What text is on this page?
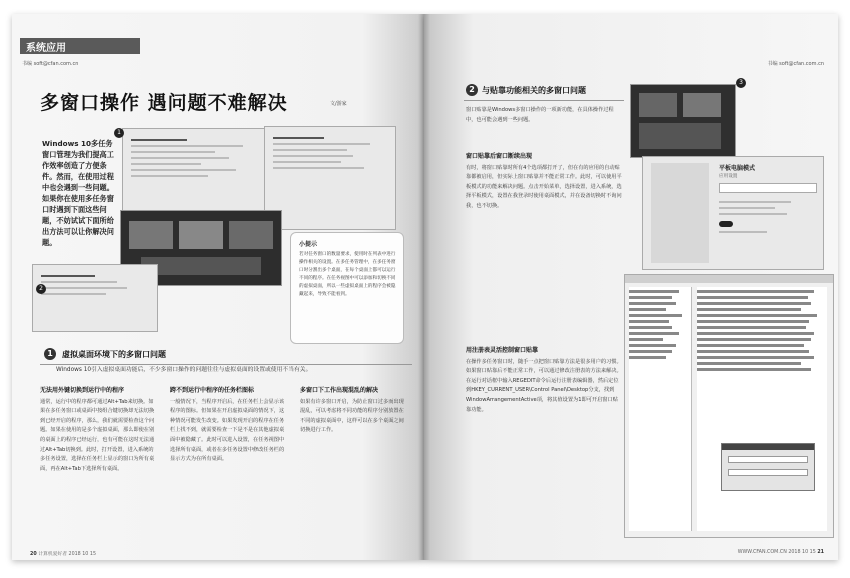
系统应用
书编 soft@cfan.com.cn
多窗口操作 遇问题不难解决	文/游家
Windows 10多任务窗口管理为我们提高工作效率创造了方便条件。然而，在使用过程中也会遇到一些问题。如果你在使用多任务窗口时遇到下面这些问题，不妨试试下面所给出方法可以让你解决问题。
1
2
小提示
若对任务窗口的数量要求，使用时在列表中进行操作相关的设置。在多任务管理中，在多任务窗口时分割出多个桌面，在每个桌面上都可以运行不同的程序。在任务视图中可以添加和切换不同的虚拟桌面，所以一些虚拟桌面上的程序会被隐藏起来，导致不能看到。
1	虚拟桌面环境下的多窗口问题
Windows 10引入虚拟桌面功能后，不少多窗口操作的问题往往与虚拟桌面的设置或使用不当有关。
无法用外键切换到运行中的程序
通常，运行中的程序都可通过Alt+Tab来切换。如果在多任务窗口或桌面中按组合键切换却无法切换到已经开启的程序，那么，我们就需要检查这个问题。如果在使用的是多个虚拟桌面，那么即使在别的桌面上的程序已经运行，也有可能在这时无法通过Alt+Tab切换到。此时，打开设置，进入系统的多任务设置，选择在任务栏上显示的窗口为所有桌面，再在Alt+Tab下选择所有桌面。
跨不到运行中程序的任务栏图标
一般情况下，当程序开启后，在任务栏上会显示该程序的图标。但如果在开启虚拟桌面的情况下，这种情况可能发生改变。如果发现开启的程序在任务栏上找不到，就需要检查一下是不是在其他虚拟桌面中被隐藏了。此时可以进入设置，在任务视图中选择所有桌面，或者在多任务设置中修改任务栏的显示方式为在所有桌面。
多窗口下工作出现混乱的解决
如果有许多窗口开启，为防止窗口过多而出现混乱，可以考虑将不同功能的程序分别放置在不同的虚拟桌面中，这样可以在多个桌面之间切换进行工作。
20 计算机爱好者 2018 10 15
书编 soft@cfan.com.cn
2 与贴靠功能相关的多窗口问题
窗口贴靠是Windows多窗口操作的一项新功能，在具体操作过程中，也可能会遇到一些问题。
窗口贴靠后窗口断续出现
有时，将窗口贴靠时所有4个选项都打开了，但在有的应用的自动贴靠都被启用，但实际上窗口贴靠并不能正常工作。此时，可以使用平板模式的功能来解决问题。点击开始菜单，选择设置，进入系统，选择平板模式，设置在我登录时使用桌面模式，并在设备切换时不询问我，也不切换。
用注册表灵活控制窗口贴靠
在操作多任务窗口时，随手一点把窗口贴靠方法是很多用户的习惯。如果窗口贴靠后不能正常工作，可以通过修改注册表的方法来解决。在运行对话框中输入REGEDIT命令后运行注册表编辑器，然后定位到HKEY_CURRENT_USER\Control Panel\Desktop分支，找到WindowArrangementActive项，将其值设置为1即可开启窗口贴靠功能。
3
平板电脑模式
应用设置
WWW.CFAN.COM.CN 2018 10 15 21
